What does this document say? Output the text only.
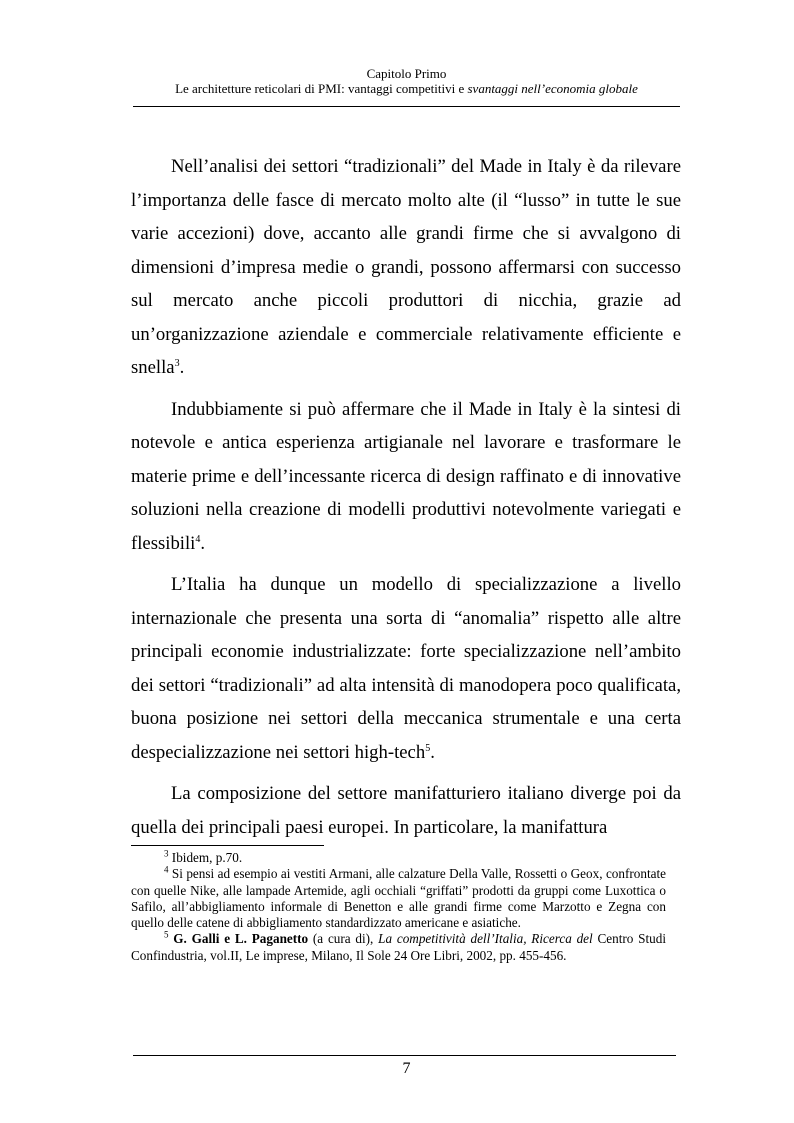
Capitolo Primo
Le architetture reticolari di PMI: vantaggi competitivi e svantaggi nell’economia globale

Nell’analisi dei settori “tradizionali” del Made in Italy è da rilevare l’importanza delle fasce di mercato molto alte (il “lusso” in tutte le sue varie accezioni) dove, accanto alle grandi firme che si avvalgono di dimensioni d’impresa medie o grandi, possono affermarsi con successo sul mercato anche piccoli produttori di nicchia, grazie ad un’organizzazione aziendale e commerciale relativamente efficiente e snella$^3$.

Indubbiamente si può affermare che il Made in Italy è la sintesi di notevole e antica esperienza artigianale nel lavorare e trasformare le materie prime e dell’incessante ricerca di design raffinato e di innovative soluzioni nella creazione di modelli produttivi notevolmente variegati e flessibili$^4$.

L’Italia ha dunque un modello di specializzazione a livello internazionale che presenta una sorta di “anomalia” rispetto alle altre principali economie industrializzate: forte specializzazione nell’ambito dei settori “tradizionali” ad alta intensità di manodopera poco qualificata, buona posizione nei settori della meccanica strumentale e una certa despecializzazione nei settori high-tech$^5$.

La composizione del settore manifatturiero italiano diverge poi da quella dei principali paesi europei. In particolare, la manifattura

$^3$ Ibidem, p.70.

$^4$ Si pensi ad esempio ai vestiti Armani, alle calzature Della Valle, Rossetti o Geox, confrontate con quelle Nike, alle lampade Artemide, agli occhiali “griffati” prodotti da gruppi come Luxottica o Safilo, all’abbigliamento informale di Benetton e alle grandi firme come Marzotto e Zegna con quello delle catene di abbigliamento standardizzato americane e asiatiche.

$^5$ G. Galli e L. Paganetto (a cura di), La competitività dell’Italia, Ricerca del Centro Studi Confindustria, vol.II, Le imprese, Milano, Il Sole 24 Ore Libri, 2002, pp. 455-456.

7
